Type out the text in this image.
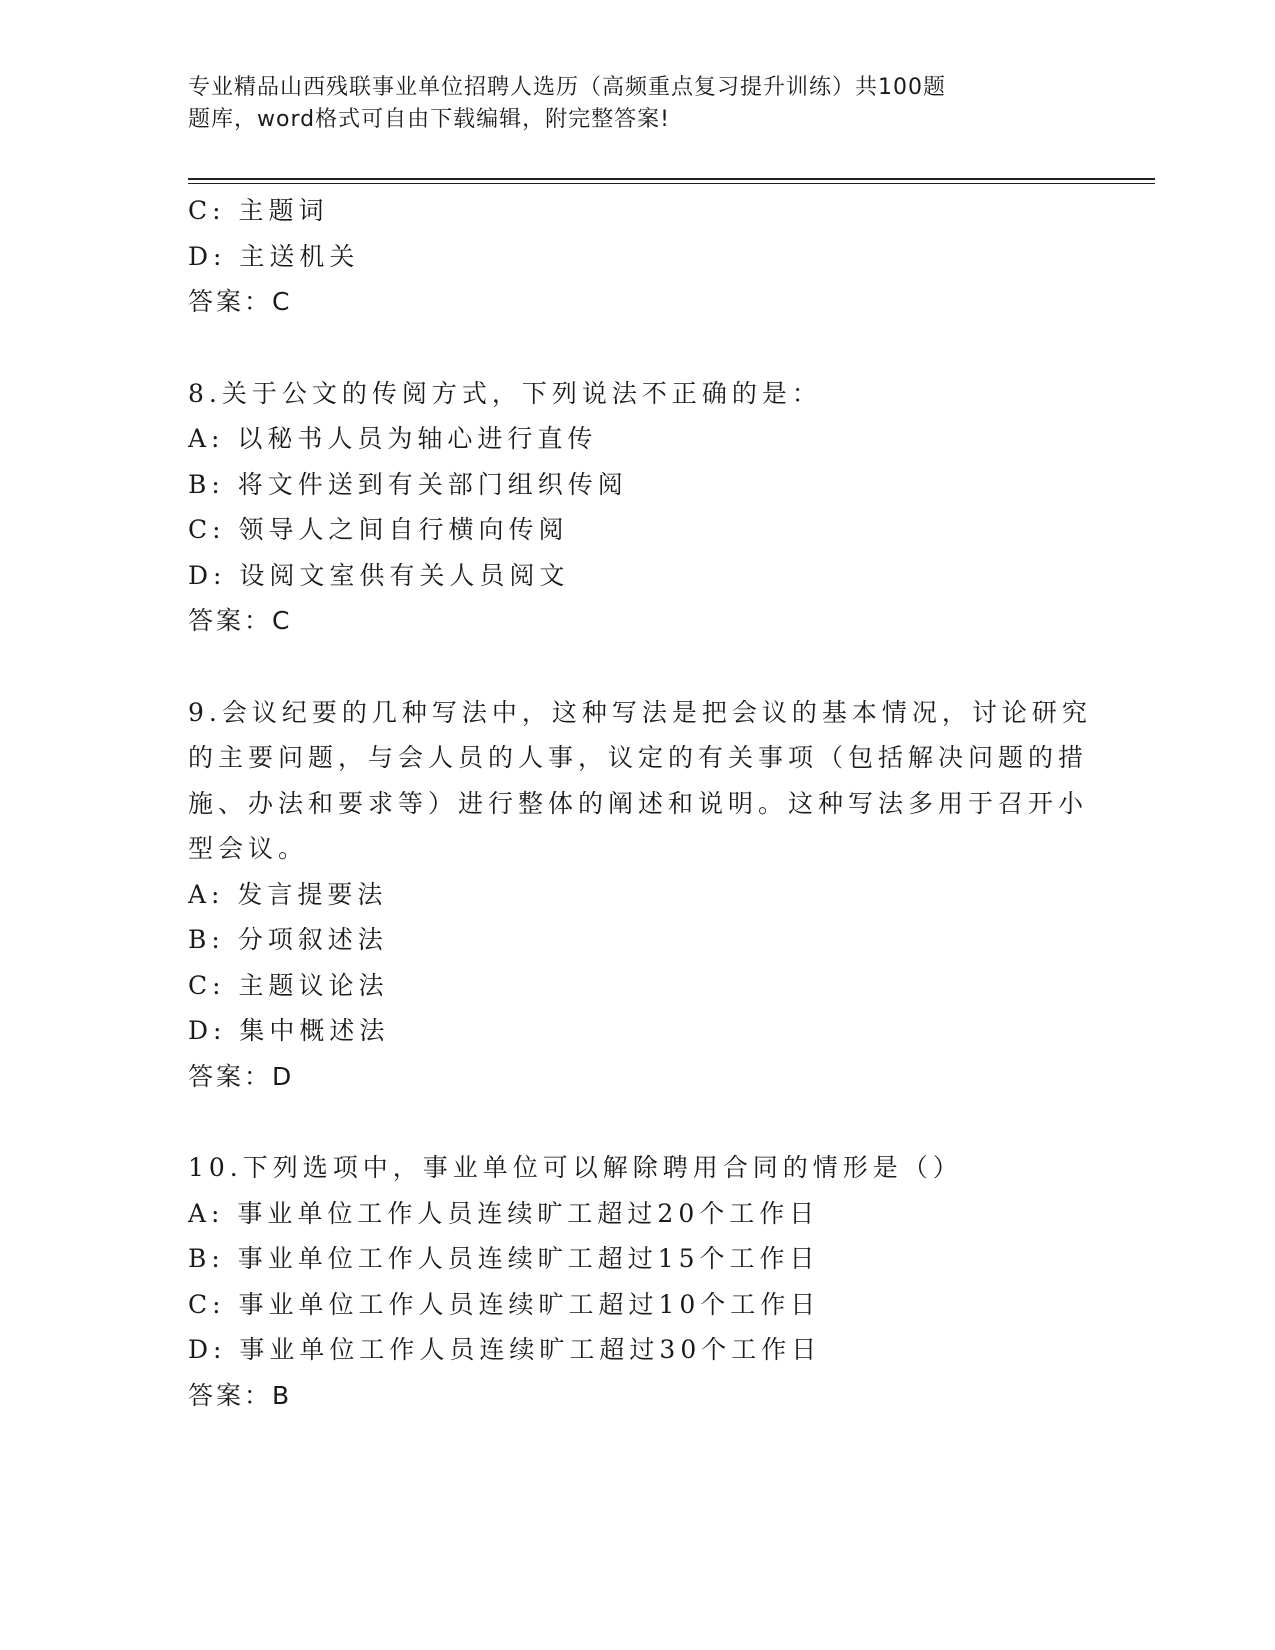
专业精品山西残联事业单位招聘人选历（高频重点复习提升训练）共100题
题库，word格式可自由下载编辑，附完整答案!
C: 主题词
D: 主送机关
答案：C
8.关于公文的传阅方式，下列说法不正确的是：
A: 以秘书人员为轴心进行直传
B: 将文件送到有关部门组织传阅
C: 领导人之间自行横向传阅
D: 设阅文室供有关人员阅文
答案：C
9.会议纪要的几种写法中，这种写法是把会议的基本情况，讨论研究
的主要问题，与会人员的人事，议定的有关事项（包括解决问题的措
施、办法和要求等）进行整体的阐述和说明。这种写法多用于召开小
型会议。
A: 发言提要法
B: 分项叙述法
C: 主题议论法
D: 集中概述法
答案：D
10.下列选项中，事业单位可以解除聘用合同的情形是（）
A: 事业单位工作人员连续旷工超过20个工作日
B: 事业单位工作人员连续旷工超过15个工作日
C: 事业单位工作人员连续旷工超过10个工作日
D: 事业单位工作人员连续旷工超过30个工作日
答案：B
